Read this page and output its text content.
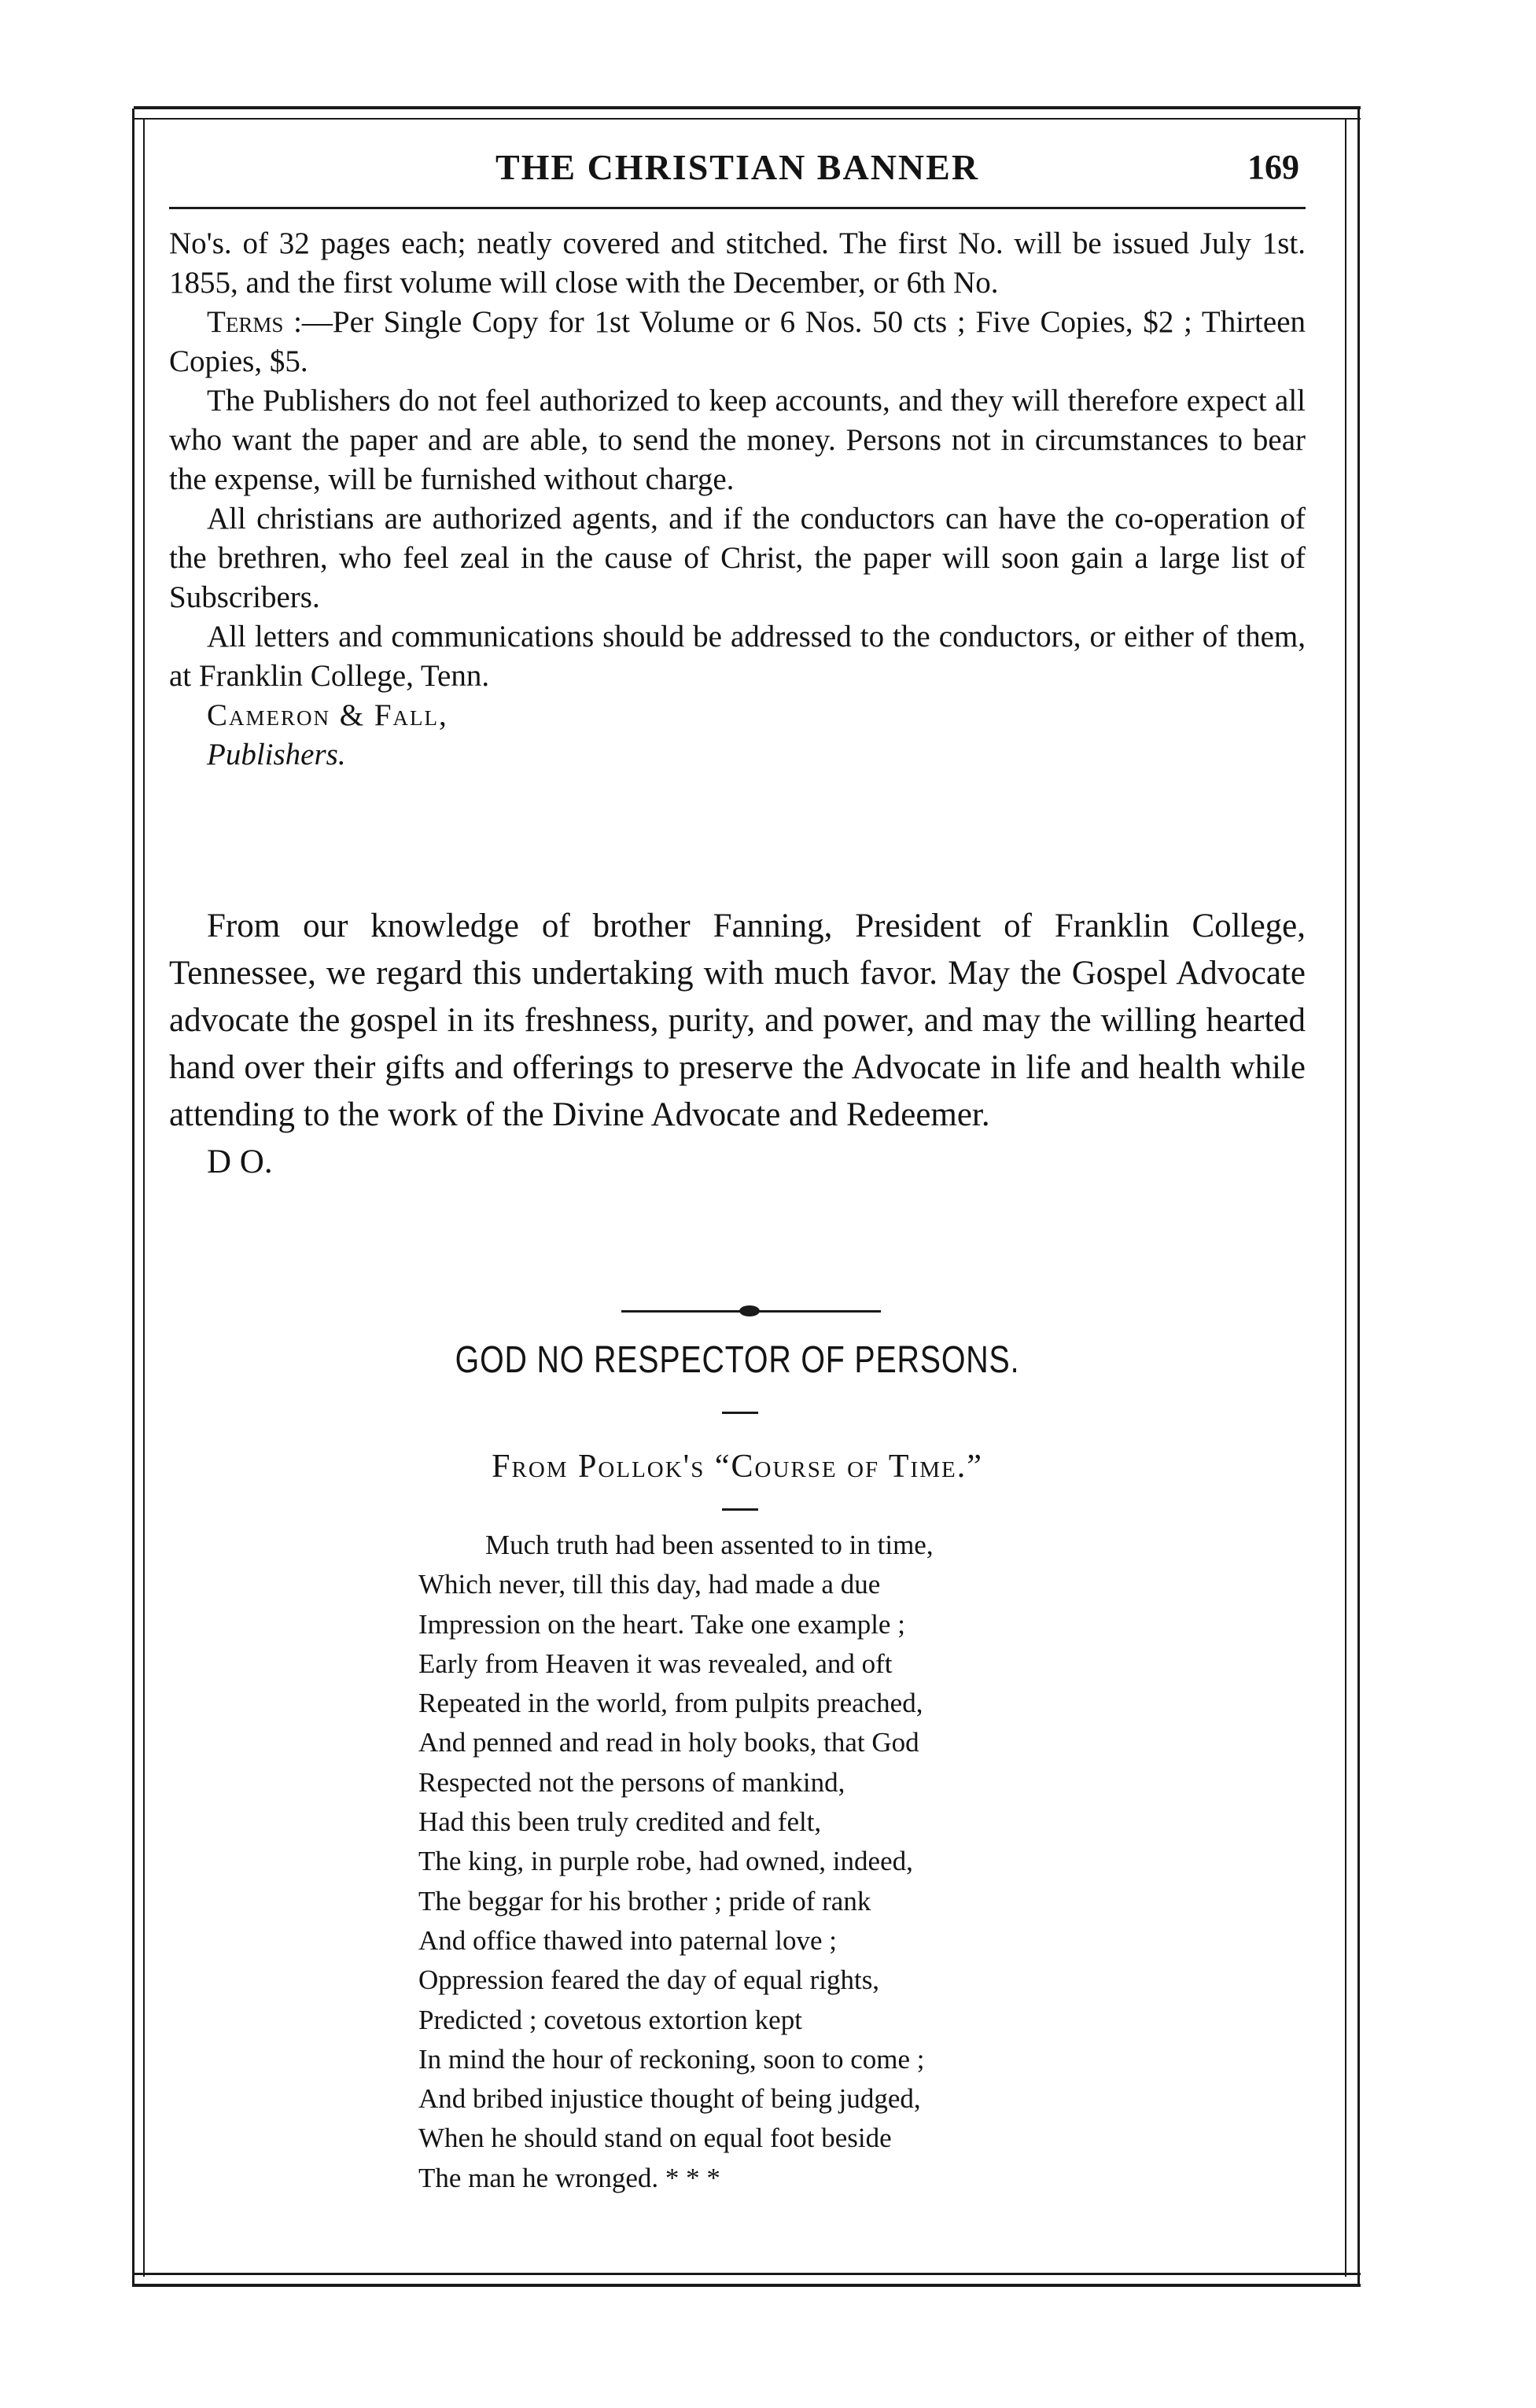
THE CHRISTIAN BANNER	169

No's. of 32 pages each; neatly covered and stitched. The first No. will be issued July 1st. 1855, and the first volume will close with the December, or 6th No.

Terms :—Per Single Copy for 1st Volume or 6 Nos. 50 cts ; Five Copies, $2 ; Thirteen Copies, $5.

The Publishers do not feel authorized to keep accounts, and they will therefore expect all who want the paper and are able, to send the money. Persons not in circumstances to bear the expense, will be furnished without charge.

All christians are authorized agents, and if the conductors can have the co-operation of the brethren, who feel zeal in the cause of Christ, the paper will soon gain a large list of Subscribers.

All letters and communications should be addressed to the conductors, or either of them, at Franklin College, Tenn.

Cameron & Fall,

Publishers.

From our knowledge of brother Fanning, President of Franklin College, Tennessee, we regard this undertaking with much favor. May the Gospel Advocate advocate the gospel in its freshness, purity, and power, and may the willing hearted hand over their gifts and offerings to preserve the Advocate in life and health while attending to the work of the Divine Advocate and Redeemer.

D O.

GOD NO RESPECTOR OF PERSONS.
From Pollok's “Course of Time.”
Much truth had been assented to in time,
Which never, till this day, had made a due
Impression on the heart. Take one example ;
Early from Heaven it was revealed, and oft
Repeated in the world, from pulpits preached,
And penned and read in holy books, that God
Respected not the persons of mankind,
Had this been truly credited and felt,
The king, in purple robe, had owned, indeed,
The beggar for his brother ; pride of rank
And office thawed into paternal love ;
Oppression feared the day of equal rights,
Predicted ; covetous extortion kept
In mind the hour of reckoning, soon to come ;
And bribed injustice thought of being judged,
When he should stand on equal foot beside
The man he wronged. * * *
